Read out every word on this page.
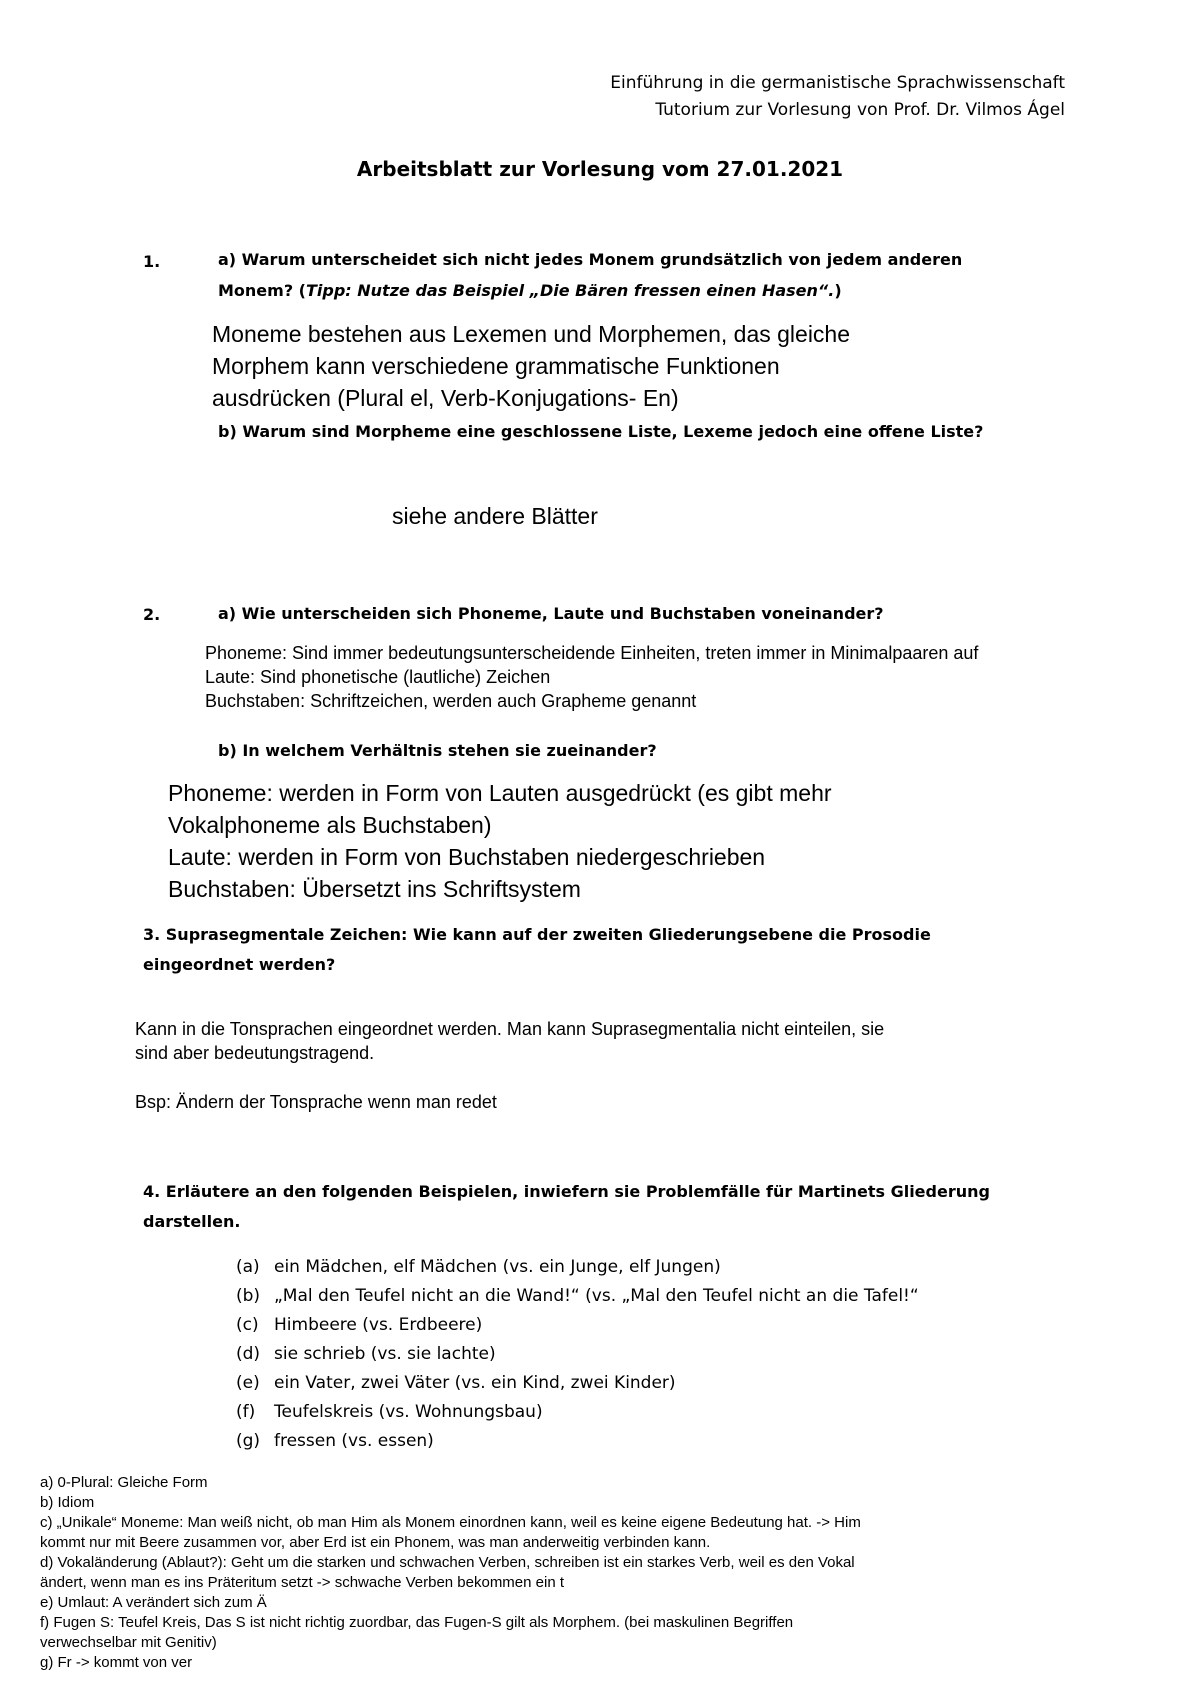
Einführung in die germanistische Sprachwissenschaft
Tutorium zur Vorlesung von Prof. Dr. Vilmos Ágel
Arbeitsblatt zur Vorlesung vom 27.01.2021
1.	a) Warum unterscheidet sich nicht jedes Monem grundsätzlich von jedem anderen
Monem? (Tipp: Nutze das Beispiel „Die Bären fressen einen Hasen“.)
Moneme bestehen aus Lexemen und Morphemen, das gleiche
Morphem kann verschiedene grammatische Funktionen
ausdrücken (Plural el, Verb-Konjugations- En)
b) Warum sind Morpheme eine geschlossene Liste, Lexeme jedoch eine offene Liste?
siehe andere Blätter
2.	a) Wie unterscheiden sich Phoneme, Laute und Buchstaben voneinander?
Phoneme: Sind immer bedeutungsunterscheidende Einheiten, treten immer in Minimalpaaren auf
Laute: Sind phonetische (lautliche) Zeichen
Buchstaben: Schriftzeichen, werden auch Grapheme genannt
b) In welchem Verhältnis stehen sie zueinander?
Phoneme: werden in Form von Lauten ausgedrückt (es gibt mehr
Vokalphoneme als Buchstaben)
Laute: werden in Form von Buchstaben niedergeschrieben
Buchstaben: Übersetzt ins Schriftsystem
3. Suprasegmentale Zeichen: Wie kann auf der zweiten Gliederungsebene die Prosodie
eingeordnet werden?
Kann in die Tonsprachen eingeordnet werden. Man kann Suprasegmentalia nicht einteilen, sie
sind aber bedeutungstragend.
Bsp: Ändern der Tonsprache wenn man redet
4. Erläutere an den folgenden Beispielen, inwiefern sie Problemfälle für Martinets Gliederung
darstellen.
(a) ein Mädchen, elf Mädchen (vs. ein Junge, elf Jungen)
(b) „Mal den Teufel nicht an die Wand!“ (vs. „Mal den Teufel nicht an die Tafel!“
(c) Himbeere (vs. Erdbeere)
(d) sie schrieb (vs. sie lachte)
(e) ein Vater, zwei Väter (vs. ein Kind, zwei Kinder)
(f) Teufelskreis (vs. Wohnungsbau)
(g) fressen (vs. essen)
a) 0-Plural: Gleiche Form
b) Idiom
c) „Unikale“ Moneme: Man weiß nicht, ob man Him als Monem einordnen kann, weil es keine eigene Bedeutung hat. -> Him
kommt nur mit Beere zusammen vor, aber Erd ist ein Phonem, was man anderweitig verbinden kann.
d) Vokaländerung (Ablaut?): Geht um die starken und schwachen Verben, schreiben ist ein starkes Verb, weil es den Vokal
ändert, wenn man es ins Präteritum setzt -> schwache Verben bekommen ein t
e) Umlaut: A verändert sich zum Ä
f) Fugen S: Teufel Kreis, Das S ist nicht richtig zuordbar, das Fugen-S gilt als Morphem. (bei maskulinen Begriffen
verwechselbar mit Genitiv)
g) Fr -> kommt von ver
